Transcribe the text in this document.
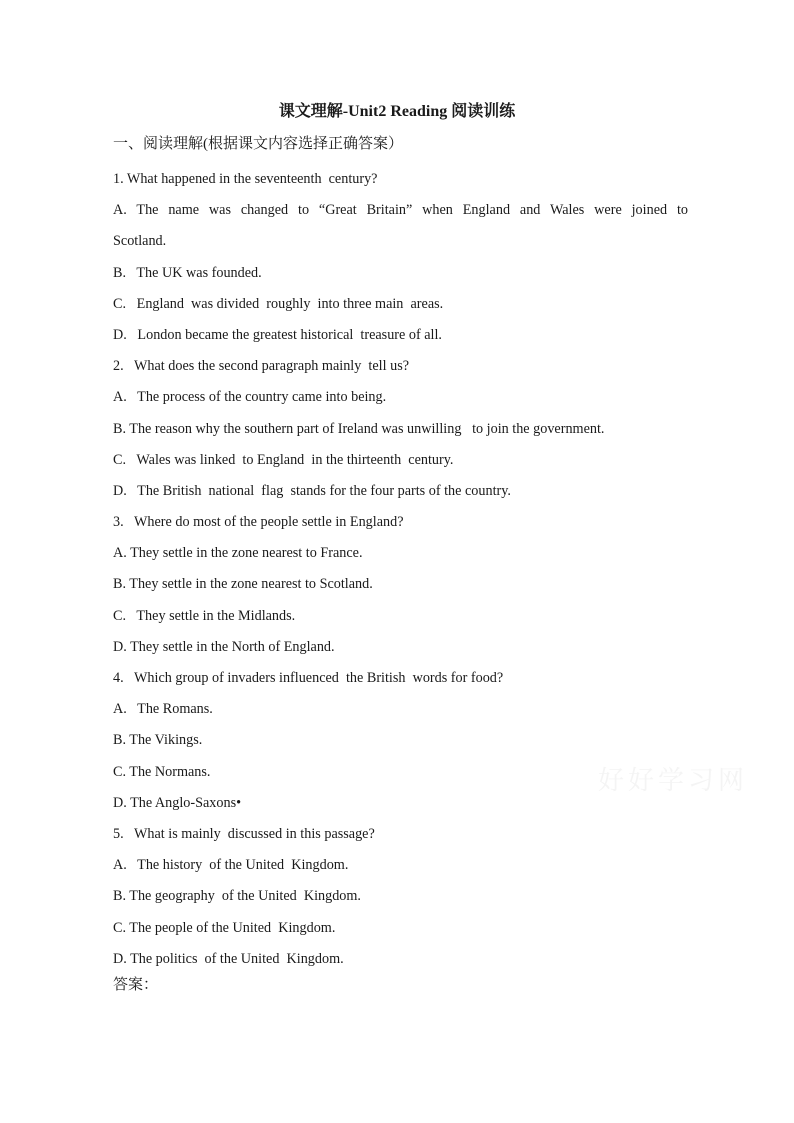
课文理解-Unit2 Reading 阅读训练
一、阅读理解(根据课文内容选择正确答案）
1. What happened in the seventeenth  century?
A. The name was changed to “Great Britain” when England and Wales were joined to
Scotland.
B.   The UK was founded.
C.   England  was divided  roughly  into three main  areas.
D.   London became the greatest historical  treasure of all.
2.   What does the second paragraph mainly  tell us?
A.   The process of the country came into being.
B. The reason why the southern part of Ireland was unwilling   to join the government.
C.   Wales was linked  to England  in the thirteenth  century.
D.   The British  national  flag  stands for the four parts of the country.
3.   Where do most of the people settle in England?
A. They settle in the zone nearest to France.
B. They settle in the zone nearest to Scotland.
C.   They settle in the Midlands.
D. They settle in the North of England.
4.   Which group of invaders influenced  the British  words for food?
A.   The Romans.
B. The Vikings.
C. The Normans.
D. The Anglo-Saxons•
5.   What is mainly  discussed in this passage?
A.   The history  of the United  Kingdom.
B. The geography  of the United  Kingdom.
C. The people of the United  Kingdom.
D. The politics  of the United  Kingdom.
答案：
好好学习网
